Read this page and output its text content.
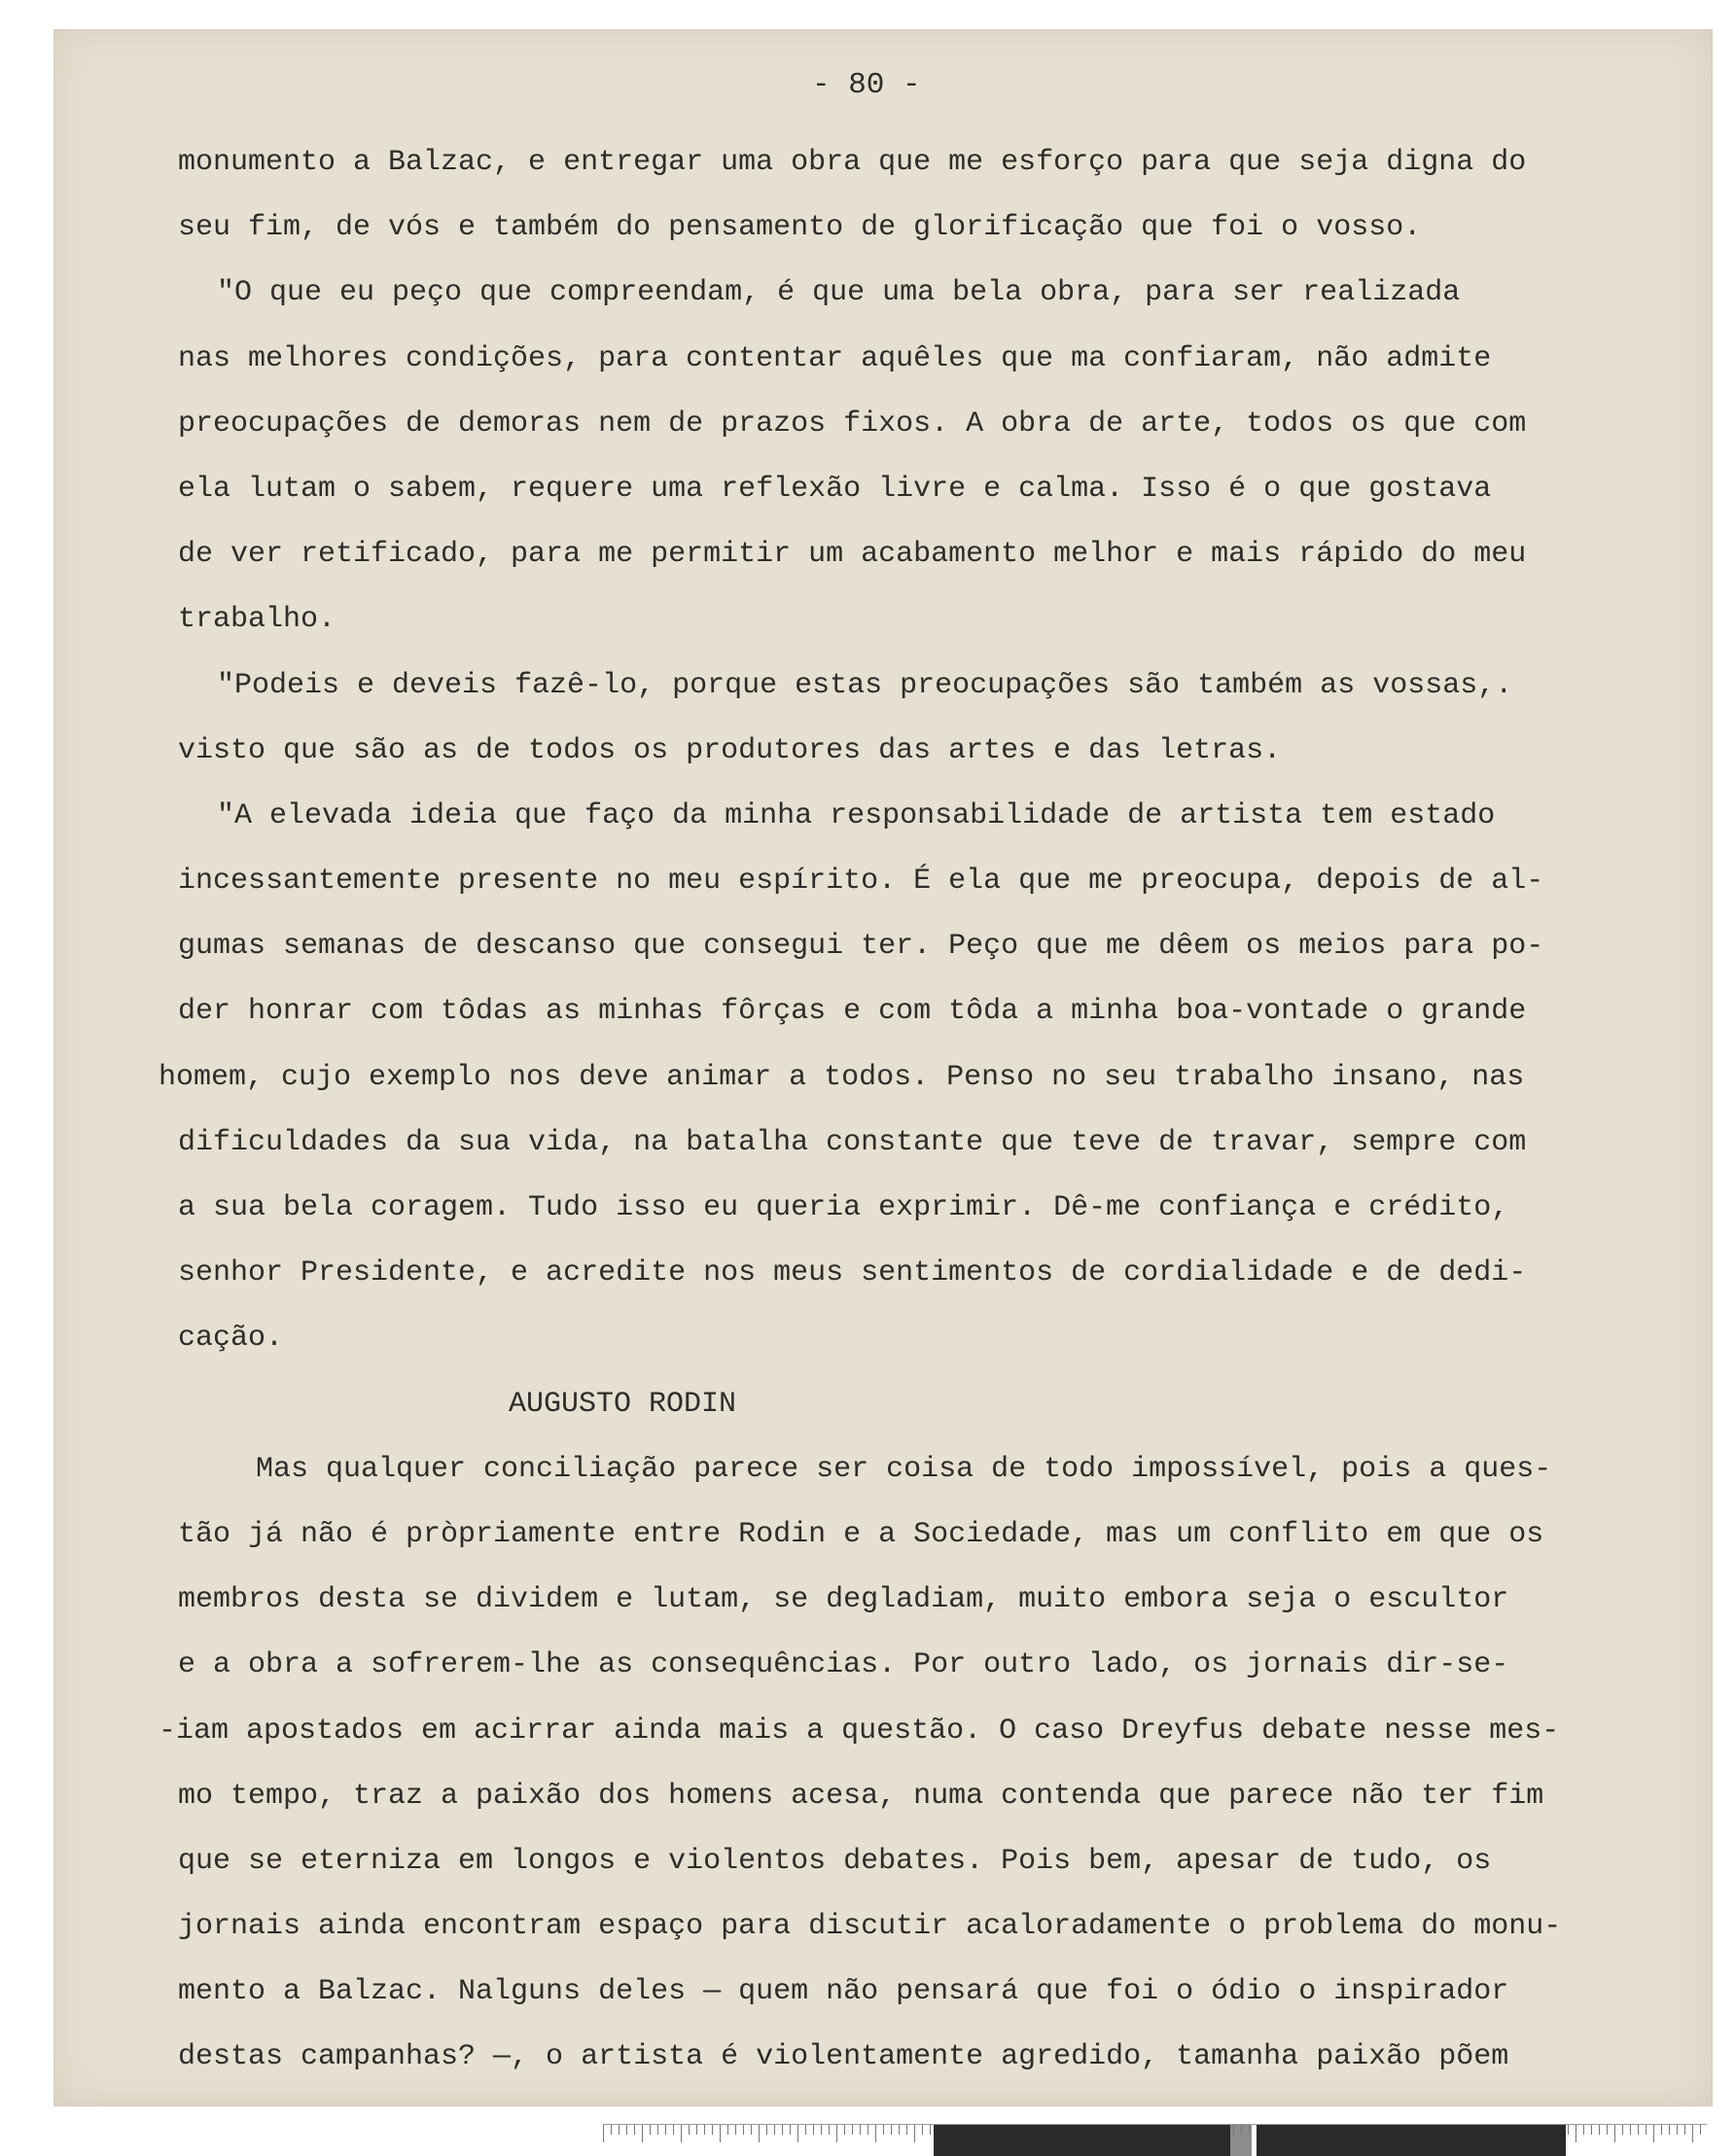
- 80 -
monumento a Balzac, e entregar uma obra que me esforço para que seja digna do
seu fim, de vós e também do pensamento de glorificação que foi o vosso.
"O que eu peço que compreendam, é que uma bela obra, para ser realizada
nas melhores condições, para contentar aquêles que ma confiaram, não admite
preocupações de demoras nem de prazos fixos. A obra de arte, todos os que com
ela lutam o sabem, requere uma reflexão livre e calma. Isso é o que gostava
de ver retificado, para me permitir um acabamento melhor e mais rápido do meu
trabalho.
"Podeis e deveis fazê-lo, porque estas preocupações são também as vossas,.
visto que são as de todos os produtores das artes e das letras.
"A elevada ideia que faço da minha responsabilidade de artista tem estado
incessantemente presente no meu espírito. É ela que me preocupa, depois de al-
gumas semanas de descanso que consegui ter. Peço que me dêem os meios para po-
der honrar com tôdas as minhas fôrças e com tôda a minha boa-vontade o grande
homem, cujo exemplo nos deve animar a todos. Penso no seu trabalho insano, nas
dificuldades da sua vida, na batalha constante que teve de travar, sempre com
a sua bela coragem. Tudo isso eu queria exprimir. Dê-me confiança e crédito,
senhor Presidente, e acredite nos meus sentimentos de cordialidade e de dedi-
cação.
AUGUSTO RODIN
Mas qualquer conciliação parece ser coisa de todo impossível, pois a ques-
tão já não é pròpriamente entre Rodin e a Sociedade, mas um conflito em que os
membros desta se dividem e lutam, se degladiam, muito embora seja o escultor
e a obra a sofrerem-lhe as consequências. Por outro lado, os jornais dir-se-
-iam apostados em acirrar ainda mais a questão. O caso Dreyfus debate nesse mes-
mo tempo, traz a paixão dos homens acesa, numa contenda que parece não ter fim
que se eterniza em longos e violentos debates. Pois bem, apesar de tudo, os
jornais ainda encontram espaço para discutir acaloradamente o problema do monu-
mento a Balzac. Nalguns deles — quem não pensará que foi o ódio o inspirador
destas campanhas? —, o artista é violentamente agredido, tamanha paixão põem
